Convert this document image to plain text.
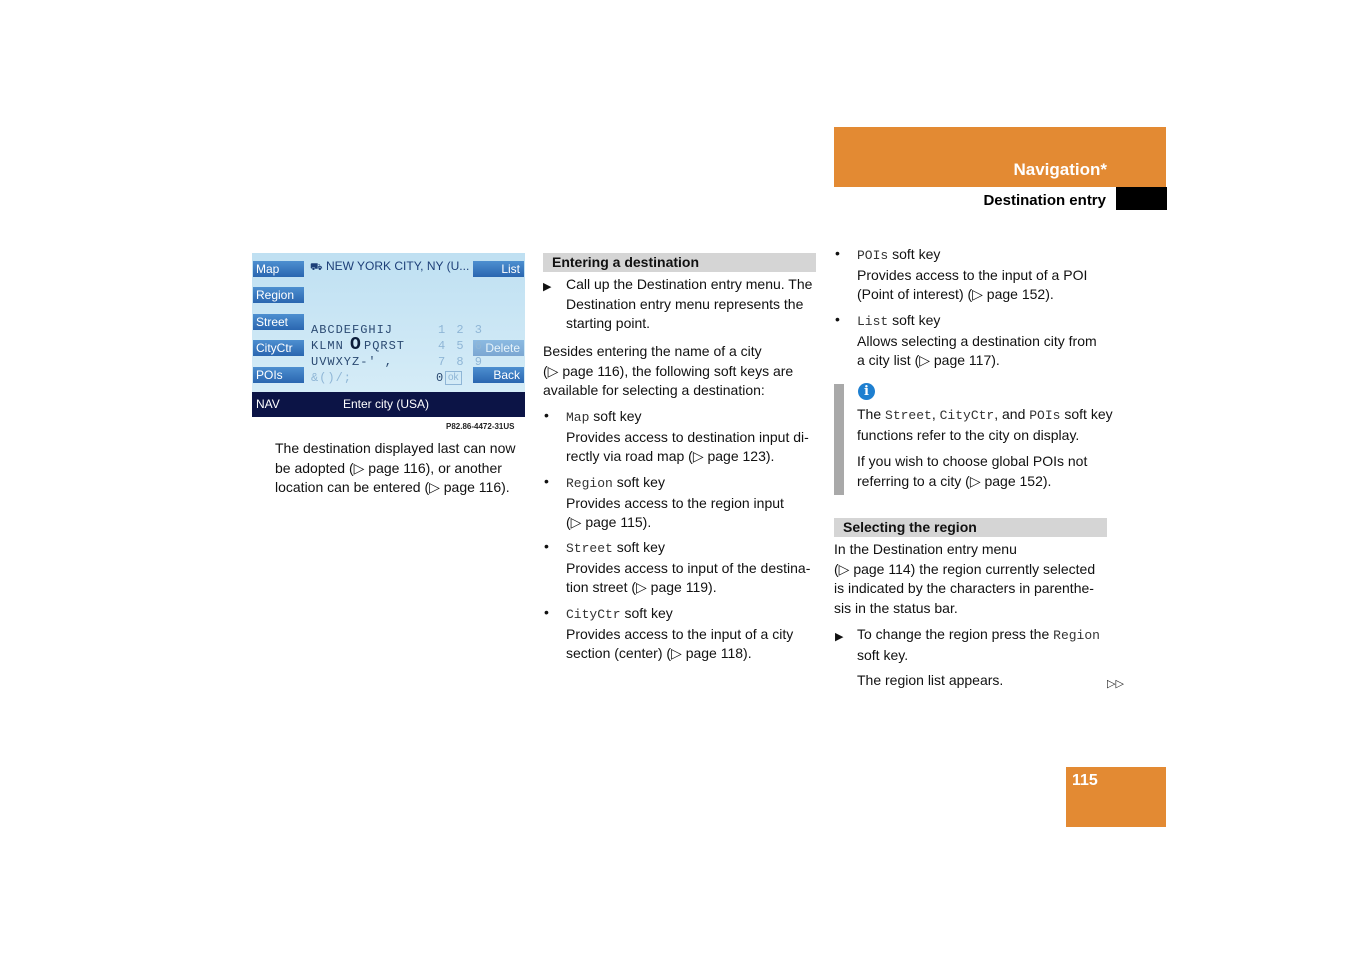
Navigation*
Destination entry
Map
Region
Street
CityCtr
POIs
⛟ NEW YORK CITY, NY (U...	List
Delete
Back
ABCDEFGHIJ
KLMN O PQRST
UVWXYZ-' ,
&()/;
1 2 3
4 5 6
7 8 9
0 ok
NAV	Enter city (USA)
P82.86-4472-31US
The destination displayed last can now
be adopted (▷ page 116), or another
location can be entered (▷ page 116).
Entering a destination
▶ Call up the Destination entry menu. The
Destination entry menu represents the
starting point.
Besides entering the name of a city
(▷ page 116), the following soft keys are
available for selecting a destination:
• Map soft key
Provides access to destination input di-
rectly via road map (▷ page 123).
• Region soft key
Provides access to the region input
(▷ page 115).
• Street soft key
Provides access to input of the destina-
tion street (▷ page 119).
• CityCtr soft key
Provides access to the input of a city
section (center) (▷ page 118).
• POIs soft key
Provides access to the input of a POI
(Point of interest) (▷ page 152).
• List soft key
Allows selecting a destination city from
a city list (▷ page 117).
i
The Street, CityCtr, and POIs soft key
functions refer to the city on display.
If you wish to choose global POIs not
referring to a city (▷ page 152).
Selecting the region
In the Destination entry menu
(▷ page 114) the region currently selected
is indicated by the characters in parenthe-
sis in the status bar.
▶ To change the region press the Region
soft key.
The region list appears.	▷▷
115
